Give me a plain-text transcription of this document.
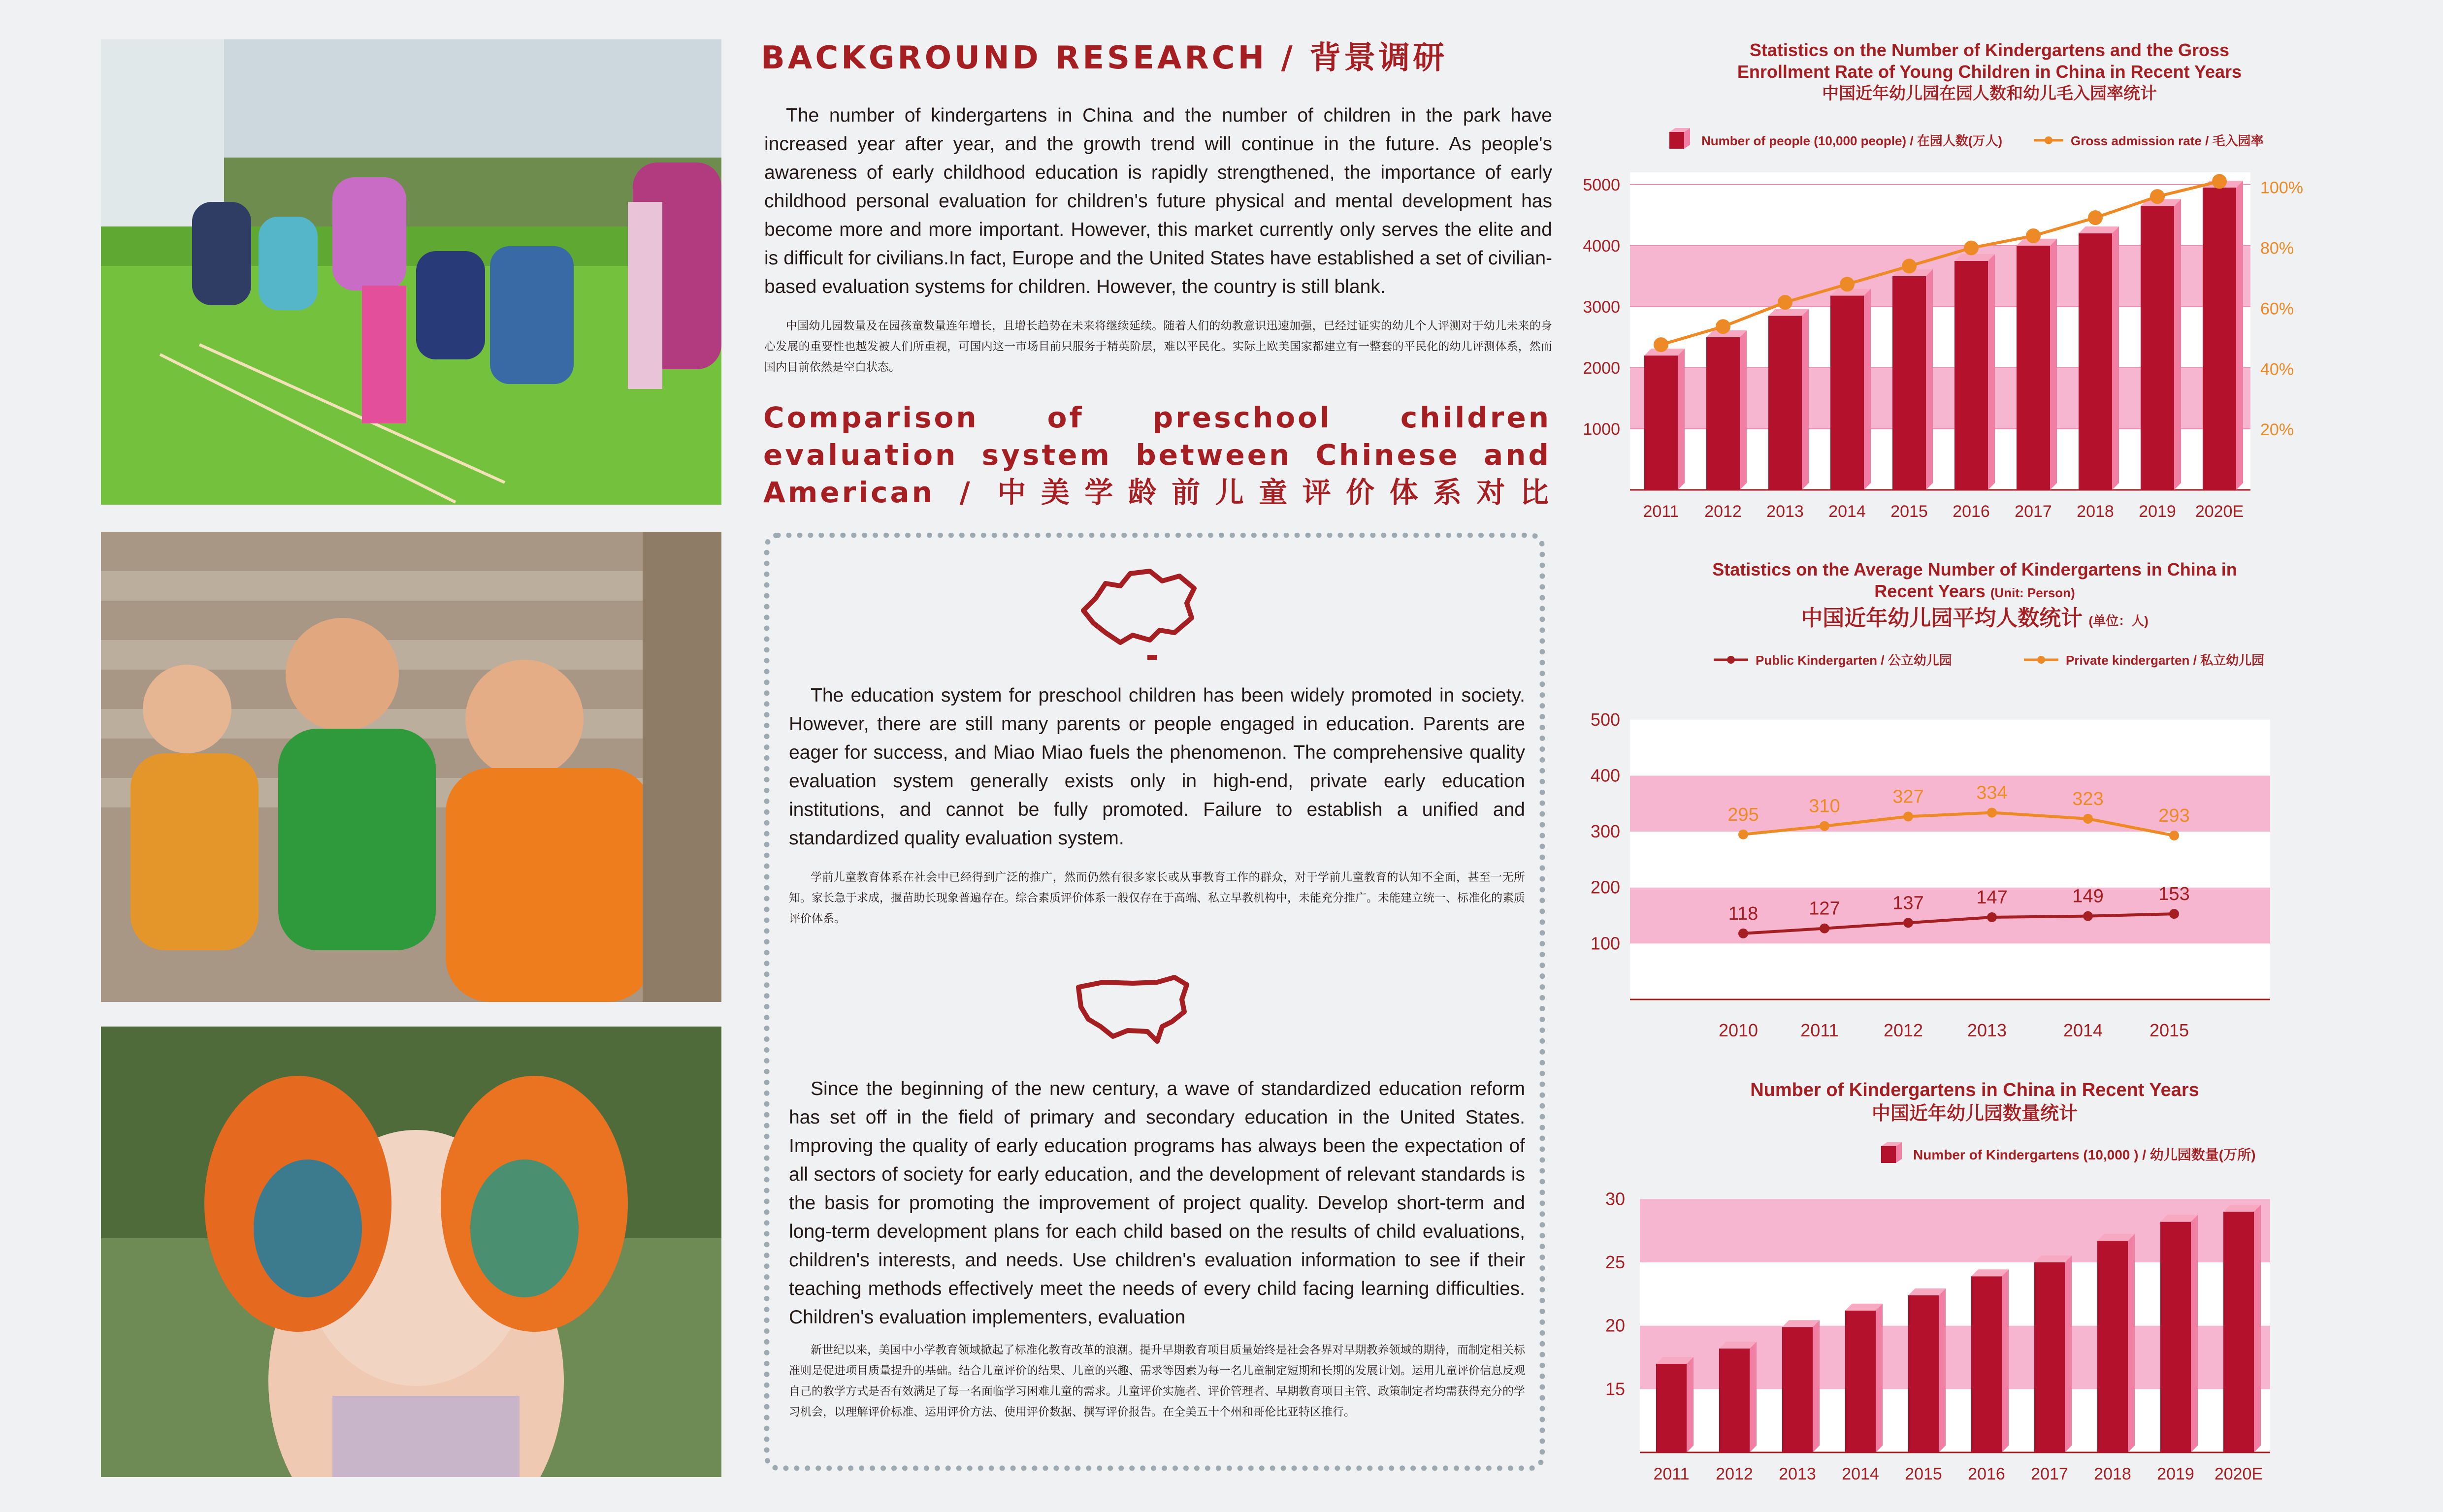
BACKGROUND RESEARCH / 背景调研
The number of kindergartens in China and the number of children in the park have increased year after year, and the growth trend will continue in the future. As people's awareness of early childhood education is rapidly strengthened, the importance of early childhood personal evaluation for children's future physical and mental development has become more and more important. However, this market currently only serves the elite and is difficult for civilians.In fact, Europe and the United States have established a set of civilian-based evaluation systems for children. However, the country is still blank.
中国幼儿园数量及在园孩童数量连年增长，且增长趋势在未来将继续延续。随着人们的幼教意识迅速加强，已经过证实的幼儿个人评测对于幼儿未来的身心发展的重要性也越发被人们所重视，可国内这一市场目前只服务于精英阶层，难以平民化。实际上欧美国家都建立有一整套的平民化的幼儿评测体系，然而国内目前依然是空白状态。
Comparison of preschool children evaluation system between Chinese and American / 中美学龄前儿童评价体系对比
The education system for preschool children has been widely promoted in society. However, there are still many parents or people engaged in education. Parents are eager for success, and Miao Miao fuels the phenomenon. The comprehensive quality evaluation system generally exists only in high-end, private early education institutions, and cannot be fully promoted. Failure to establish a unified and standardized quality evaluation system.
学前儿童教育体系在社会中已经得到广泛的推广，然而仍然有很多家长或从事教育工作的群众，对于学前儿童教育的认知不全面，甚至一无所知。家长急于求成，揠苗助长现象普遍存在。综合素质评价体系一般仅存在于高端、私立早教机构中，未能充分推广。未能建立统一、标准化的素质评价体系。
Since the beginning of the new century, a wave of standardized education reform has set off in the field of primary and secondary education in the United States. Improving the quality of early education programs has always been the expectation of all sectors of society for early education, and the development of relevant standards is the basis for promoting the improvement of project quality. Develop short-term and long-term development plans for each child based on the results of child evaluations, children's interests, and needs. Use children's evaluation information to see if their teaching methods effectively meet the needs of every child facing learning difficulties. Children's evaluation implementers, evaluation
新世纪以来，美国中小学教育领域掀起了标准化教育改革的浪潮。提升早期教育项目质量始终是社会各界对早期教养领域的期待，而制定相关标准则是促进项目质量提升的基础。结合儿童评价的结果、儿童的兴趣、需求等因素为每一名儿童制定短期和长期的发展计划。运用儿童评价信息反观自己的教学方式是否有效满足了每一名面临学习困难儿童的需求。儿童评价实施者、评价管理者、早期教育项目主管、政策制定者均需获得充分的学习机会，以理解评价标准、运用评价方法、使用评价数据、撰写评价报告。在全美五十个州和哥伦比亚特区推行。
Statistics on the Number of Kindergartens and the Gross Enrollment Rate of Young Children in China in Recent Years
中国近年幼儿园在园人数和幼儿毛入园率统计
Number of people (10,000 people) / 在园人数(万人)	Gross admission rate / 毛入园率
1000
2000
3000
4000
5000
20%
40%
60%
80%
100%
2011 2012 2013 2014 2015 2016 2017 2018 2019 2020E
Statistics on the Average Number of Kindergartens in China in Recent Years (Unit: Person)
中国近年幼儿园平均人数统计 (单位：人)
Public Kindergarten / 公立幼儿园	Private kindergarten / 私立幼儿园
100
200
300
400
500
2010 2011	2012 2013	2014	2015
118	127	137	147	149	153
295	310	327	334	323
293
Number of Kindergartens in China in Recent Years
中国近年幼儿园数量统计
Number of Kindergartens (10,000 ) / 幼儿园数量(万所)
15
20
25
30
2011 2012 2013 2014 2015 2016 2017 2018 2019 2020E
